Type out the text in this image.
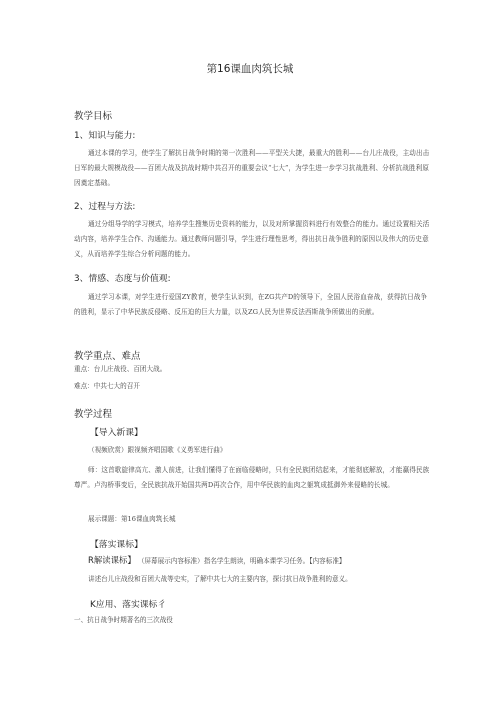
第16课血肉筑长城
教学目标
1、知识与能力:
通过本课的学习，使学生了解抗日战争时期的第一次胜利——平型关大捷，最重大的胜利——台儿庄战役，主动出击日军的最大规模战役——百团大战及抗战时期中共召开的重要会议“七大”，为学生进一步学习抗战胜利、分析抗战胜利原因奠定基础。
2、过程与方法:
通过分组导学的学习模式，培养学生搜集历史资料的能力，以及对所掌握资料进行有效整合的能力。通过设置相关活动内容，培养学生合作、沟通能力。通过教师问题引导，学生进行理性思考，得出抗日战争胜利的原因以及伟大的历史意义，从而培养学生综合分析问题的能力。
3、情感、态度与价值观:
通过学习本课，对学生进行爱国ZY教育，使学生认识到，在ZG共产D的领导下，全国人民浴血奋战，获得抗日战争的胜利，显示了中华民族反侵略、反压迫的巨大力量，以及ZG人民为世界反法西斯战争所做出的贡献。
教学重点、难点
重点：台儿庄战役、百团大战。
难点：中共七大的召开
教学过程
【导入新课】
（视频欣赏）跟视频齐唱国歌《义勇军进行曲》
师：这首歌旋律高亢、激人前进，让我们懂得了在面临侵略时，只有全民族团结起来，才能彻底解放，才能赢得民族尊严。卢沟桥事变后，全民族抗战开始国共两D再次合作，用中华民族的血肉之躯筑成抵御外来侵略的长城。
展示课题：第16课血肉筑长城
【落实课标】
R解读课标】 （屏幕展示内容标准）指名学生朗读，明确本课学习任务。【内容标准】
讲述台儿庄战役和百团大战等史实，了解中共七大的主要内容，探讨抗日战争胜利的意义。
K应用、落实课标彳
一、抗日战争时期著名的三次战役
